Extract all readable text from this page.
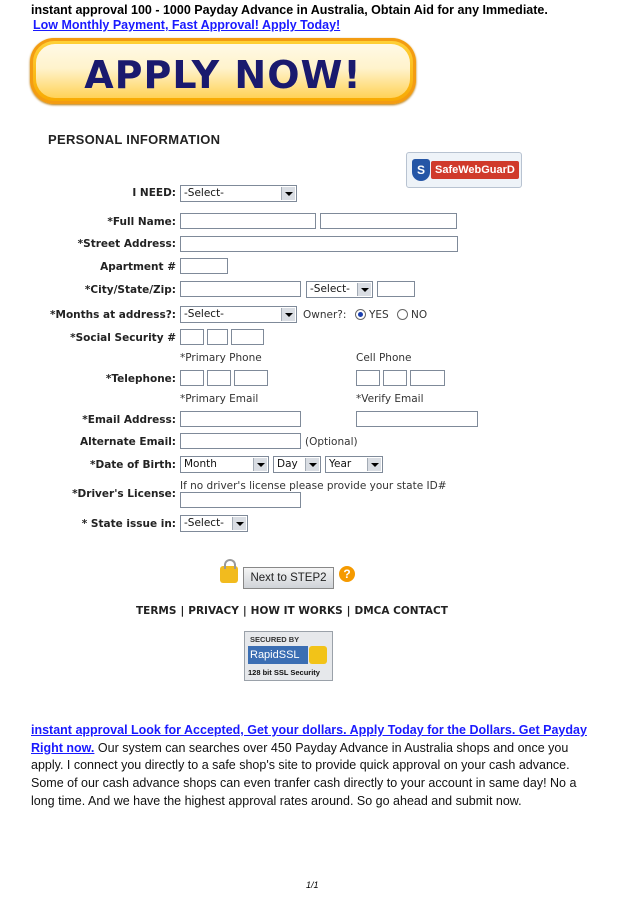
instant approval 100 - 1000 Payday Advance in Australia, Obtain Aid for any Immediate.
Low Monthly Payment, Fast Approval! Apply Today!
APPLY NOW!
PERSONAL INFORMATION
S SafeWebGuarD
I NEED: -Select-
*Full Name:
*Street Address:
Apartment #
*City/State/Zip:	-Select-
*Months at address?: -Select-	Owner?: YES NO
*Social Security #
*Primary Phone	Cell Phone
*Telephone:
*Primary Email	*Verify Email
*Email Address:
Alternate Email:	(Optional)
*Date of Birth: Month	Day	Year
If no driver's license please provide your state ID#
*Driver's License:
* State issue in: -Select-
Next to STEP2	?
TERMS | PRIVACY | HOW IT WORKS | DMCA CONTACT
SECURED BY
RapidSSL
128 bit SSL Security
instant approval Look for Accepted, Get your dollars. Apply Today for the Dollars. Get Payday Right now. Our system can searches over 450 Payday Advance in Australia shops and once you apply. I connect you directly to a safe shop's site to provide quick approval on your cash advance. Some of our cash advance shops can even tranfer cash directly to your account in same day! No a long time. And we have the highest approval rates around. So go ahead and submit now.
1/1
